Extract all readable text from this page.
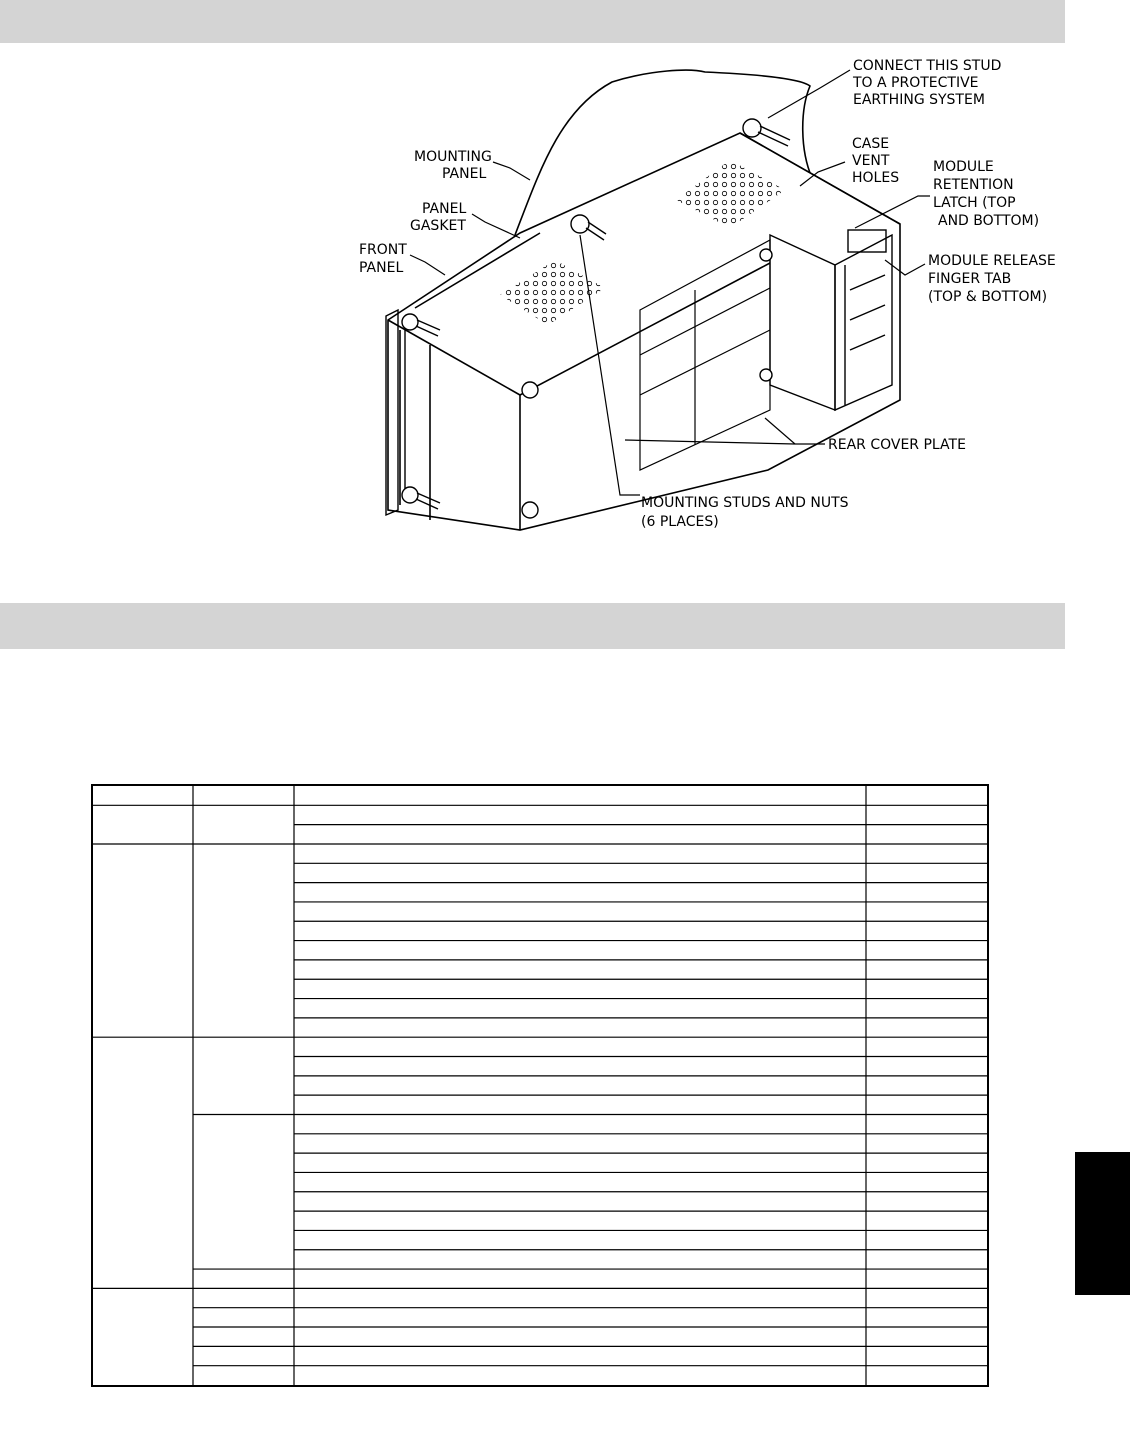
CONNECT THIS STUD
TO A PROTECTIVE
EARTHING SYSTEM
MOUNTING
PANEL
CASE
VENT
HOLES
MODULE
RETENTION
LATCH (TOP
AND BOTTOM)
PANEL
GASKET
FRONT
PANEL	MODULE RELEASE
FINGER TAB
(TOP & BOTTOM)
REAR COVER PLATE
MOUNTING STUDS AND NUTS
(6 PLACES)
